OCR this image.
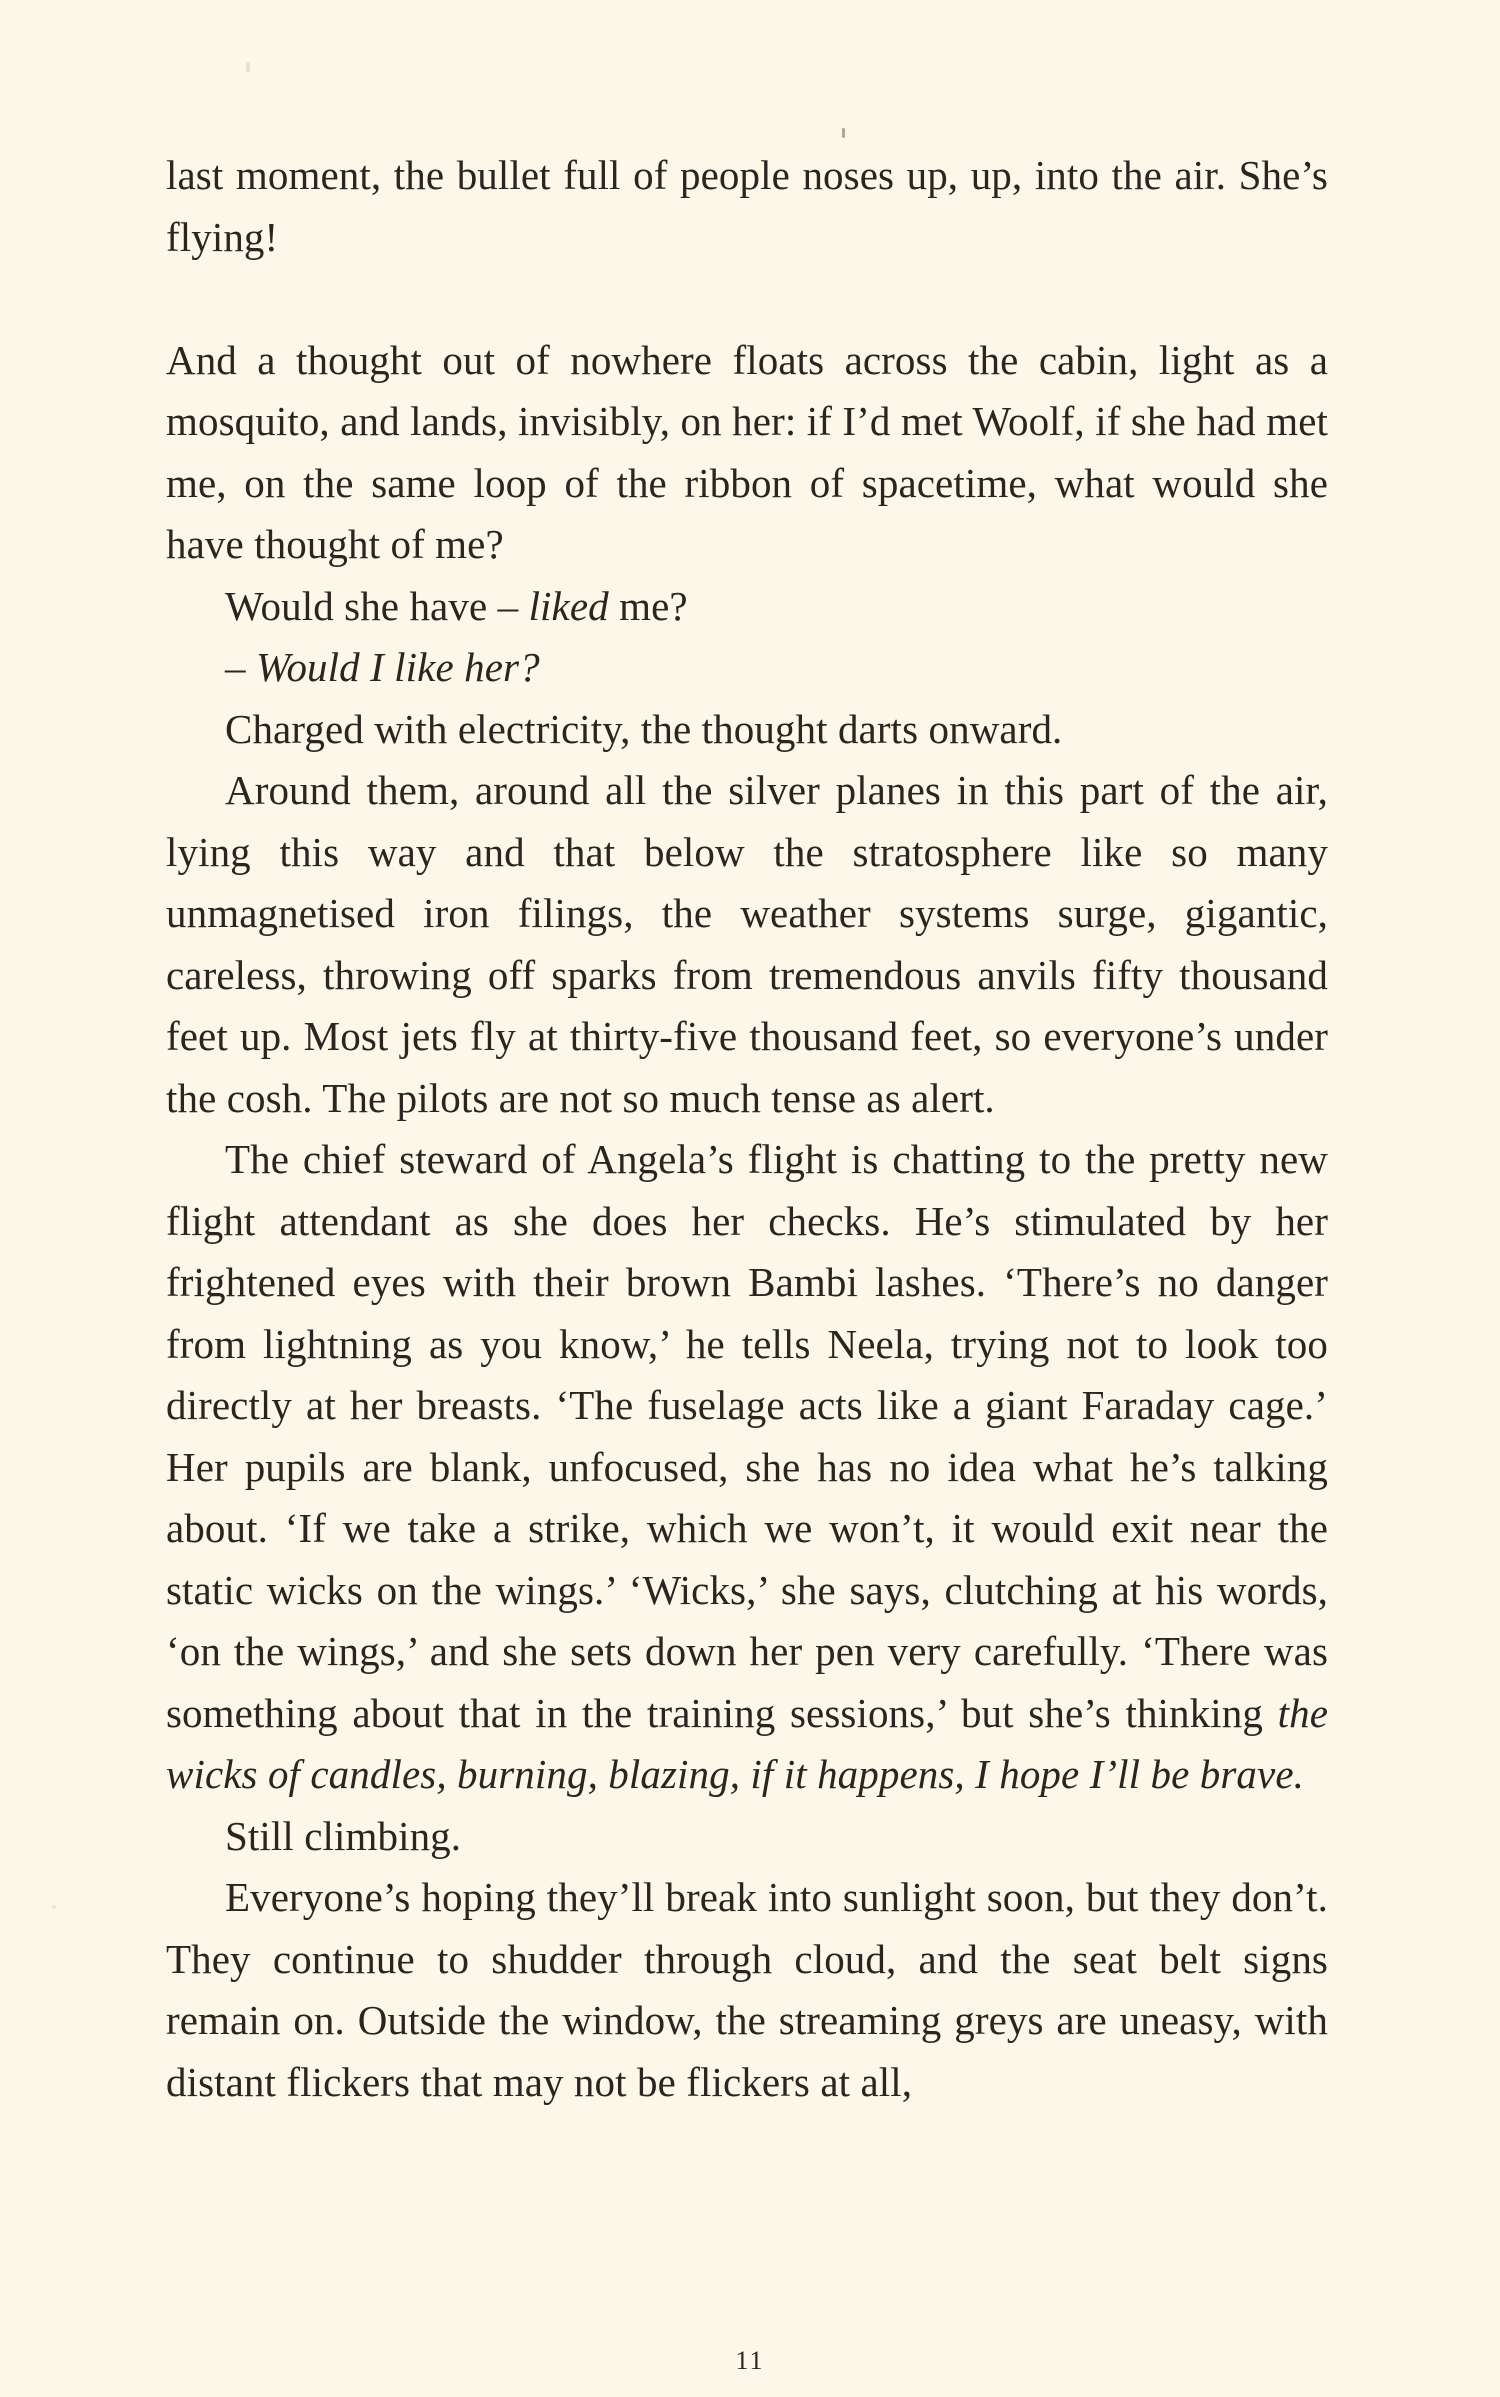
last moment, the bullet full of people noses up, up, into the air. She’s flying!

And a thought out of nowhere floats across the cabin, light as a mosquito, and lands, invisibly, on her: if I’d met Woolf, if she had met me, on the same loop of the ribbon of spacetime, what would she have thought of me?

Would she have – liked me?

– Would I like her?

Charged with electricity, the thought darts onward.

Around them, around all the silver planes in this part of the air, lying this way and that below the stratosphere like so many unmagnetised iron filings, the weather systems surge, gigantic, careless, throwing off sparks from tremendous anvils fifty thousand feet up. Most jets fly at thirty-five thousand feet, so everyone’s under the cosh. The pilots are not so much tense as alert.

The chief steward of Angela’s flight is chatting to the pretty new flight attendant as she does her checks. He’s stimulated by her frightened eyes with their brown Bambi lashes. ‘There’s no danger from lightning as you know,’ he tells Neela, trying not to look too directly at her breasts. ‘The fuselage acts like a giant Faraday cage.’ Her pupils are blank, unfocused, she has no idea what he’s talking about. ‘If we take a strike, which we won’t, it would exit near the static wicks on the wings.’ ‘Wicks,’ she says, clutching at his words, ‘on the wings,’ and she sets down her pen very carefully. ‘There was something about that in the training sessions,’ but she’s thinking the wicks of candles, burning, blazing, if it happens, I hope I’ll be brave.

Still climbing.

Everyone’s hoping they’ll break into sunlight soon, but they don’t. They continue to shudder through cloud, and the seat belt signs remain on. Outside the window, the streaming greys are uneasy, with distant flickers that may not be flickers at all,

11
